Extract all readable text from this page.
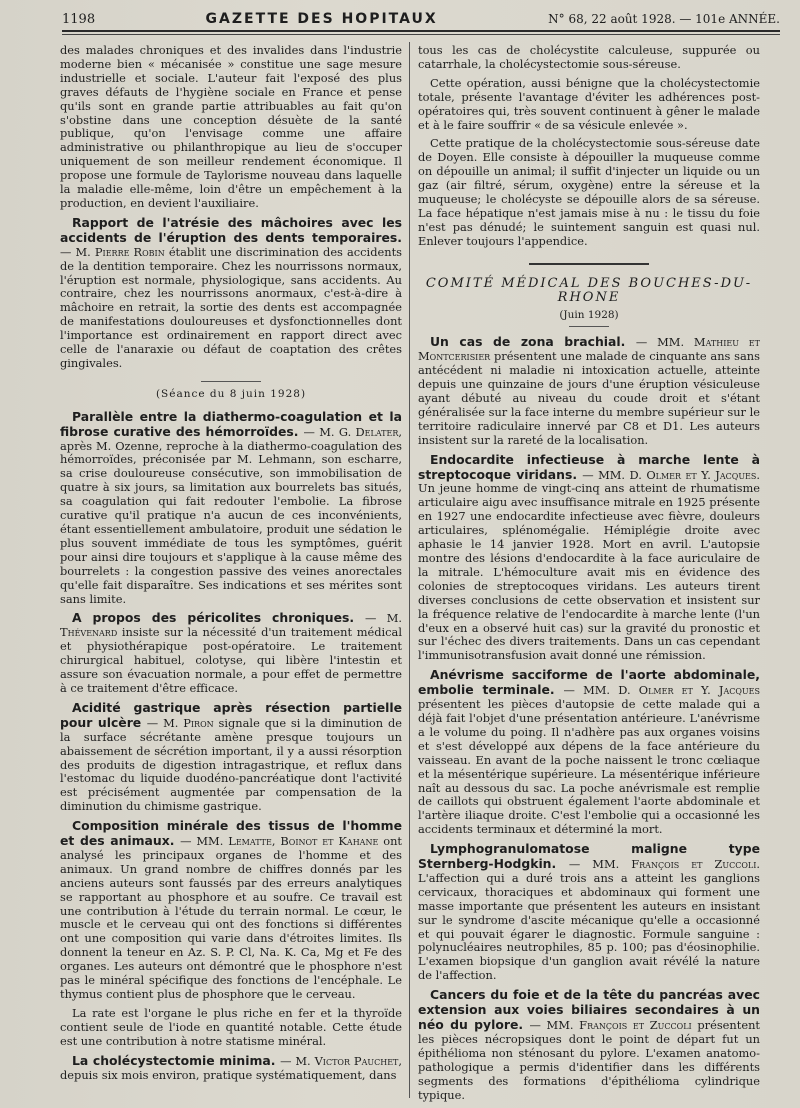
1198	GAZETTE DES HOPITAUX	N° 68, 22 août 1928. — 101e ANNÉE.

des malades chroniques et des invalides dans l'industrie moderne bien « mécanisée » constitue une sage mesure industrielle et sociale. L'auteur fait l'exposé des plus graves défauts de l'hygiène sociale en France et pense qu'ils sont en grande partie attribuables au fait qu'on s'obstine dans une conception désuète de la santé publique, qu'on l'envisage comme une affaire administrative ou philanthropique au lieu de s'occuper uniquement de son meilleur rendement économique. Il propose une formule de Taylorisme nouveau dans laquelle la maladie elle-même, loin d'être un empêchement à la production, en devient l'auxiliaire.

Rapport de l'atrésie des mâchoires avec les accidents de l'éruption des dents temporaires. — M. Pierre Robin établit une discrimination des accidents de la dentition temporaire. Chez les nourrissons normaux, l'éruption est normale, physiologique, sans accidents. Au contraire, chez les nourrissons anormaux, c'est-à-dire à mâchoire en retrait, la sortie des dents est accompagnée de manifestations douloureuses et dysfonctionnelles dont l'importance est ordinairement en rapport direct avec celle de l'anaraxie ou défaut de coaptation des crêtes gingivales.

(Séance du 8 juin 1928)

Parallèle entre la diathermo-coagulation et la fibrose curative des hémorroïdes. — M. G. Delater, après M. Ozenne, reproche à la diathermo-coagulation des hémorroïdes, préconisée par M. Lehmann, son escharre, sa crise douloureuse consécutive, son immobilisation de quatre à six jours, sa limitation aux bourrelets bas situés, sa coagulation qui fait redouter l'embolie. La fibrose curative qu'il pratique n'a aucun de ces inconvénients, étant essentiellement ambulatoire, produit une sédation le plus souvent immédiate de tous les symptômes, guérit pour ainsi dire toujours et s'applique à la cause même des bourrelets : la congestion passive des veines anorectales qu'elle fait disparaître. Ses indications et ses mérites sont sans limite.

A propos des péricolites chroniques. — M. Thévenard insiste sur la nécessité d'un traitement médical et physiothérapique post-opératoire. Le traitement chirurgical habituel, colotyse, qui libère l'intestin et assure son évacuation normale, a pour effet de permettre à ce traitement d'être efficace.

Acidité gastrique après résection partielle pour ulcère — M. Piron signale que si la diminution de la surface sécrétante amène presque toujours un abaissement de sécrétion important, il y a aussi résorption des produits de digestion intragastrique, et reflux dans l'estomac du liquide duodéno-pancréatique dont l'activité est précisément augmentée par compensation de la diminution du chimisme gastrique.

Composition minérale des tissus de l'homme et des animaux. — MM. Lematte, Boinot et Kahane ont analysé les principaux organes de l'homme et des animaux. Un grand nombre de chiffres donnés par les anciens auteurs sont faussés par des erreurs analytiques se rapportant au phosphore et au soufre. Ce travail est une contribution à l'étude du terrain normal. Le cœur, le muscle et le cerveau qui ont des fonctions si différentes ont une composition qui varie dans d'étroites limites. Ils donnent la teneur en Az. S. P. Cl, Na. K. Ca, Mg et Fe des organes. Les auteurs ont démontré que le phosphore n'est pas le minéral spécifique des fonctions de l'encéphale. Le thymus contient plus de phosphore que le cerveau.

La rate est l'organe le plus riche en fer et la thyroïde contient seule de l'iode en quantité notable. Cette étude est une contribution à notre statisme minéral.

La cholécystectomie minima. — M. Victor Pauchet, depuis six mois environ, pratique systématiquement, dans

tous les cas de cholécystite calculeuse, suppurée ou catarrhale, la cholécystectomie sous-séreuse.

Cette opération, aussi bénigne que la cholécystectomie totale, présente l'avantage d'éviter les adhérences post-opératoires qui, très souvent continuent à gêner le malade et à le faire souffrir « de sa vésicule enlevée ».

Cette pratique de la cholécystectomie sous-séreuse date de Doyen. Elle consiste à dépouiller la muqueuse comme on dépouille un animal; il suffit d'injecter un liquide ou un gaz (air filtré, sérum, oxygène) entre la séreuse et la muqueuse; le cholécyste se dépouille alors de sa séreuse. La face hépatique n'est jamais mise à nu : le tissu du foie n'est pas dénudé; le suintement sanguin est quasi nul. Enlever toujours l'appendice.

COMITÉ MÉDICAL DES BOUCHES-DU-RHONE
(Juin 1928)

Un cas de zona brachial. — MM. Mathieu et Montcerisier présentent une malade de cinquante ans sans antécédent ni maladie ni intoxication actuelle, atteinte depuis une quinzaine de jours d'une éruption vésiculeuse ayant débuté au niveau du coude droit et s'étant généralisée sur la face interne du membre supérieur sur le territoire radiculaire innervé par C8 et D1. Les auteurs insistent sur la rareté de la localisation.

Endocardite infectieuse à marche lente à streptocoque viridans. — MM. D. Olmer et Y. Jacques. Un jeune homme de vingt-cinq ans atteint de rhumatisme articulaire aigu avec insuffisance mitrale en 1925 présente en 1927 une endocardite infectieuse avec fièvre, douleurs articulaires, splénomégalie. Hémiplégie droite avec aphasie le 14 janvier 1928. Mort en avril. L'autopsie montre des lésions d'endocardite à la face auriculaire de la mitrale. L'hémoculture avait mis en évidence des colonies de streptocoques viridans. Les auteurs tirent diverses conclusions de cette observation et insistent sur la fréquence relative de l'endocardite à marche lente (l'un d'eux en a observé huit cas) sur la gravité du pronostic et sur l'échec des divers traitements. Dans un cas cependant l'immunisotransfusion avait donné une rémission.

Anévrisme sacciforme de l'aorte abdominale, embolie terminale. — MM. D. Olmer et Y. Jacques présentent les pièces d'autopsie de cette malade qui a déjà fait l'objet d'une présentation antérieure. L'anévrisme a le volume du poing. Il n'adhère pas aux organes voisins et s'est développé aux dépens de la face antérieure du vaisseau. En avant de la poche naissent le tronc cœliaque et la mésentérique supérieure. La mésentérique inférieure naît au dessous du sac. La poche anévrismale est remplie de caillots qui obstruent également l'aorte abdominale et l'artère iliaque droite. C'est l'embolie qui a occasionné les accidents terminaux et déterminé la mort.

Lymphogranulomatose maligne type Sternberg-Hodgkin. — MM. François et Zuccoli. L'affection qui a duré trois ans a atteint les ganglions cervicaux, thoraciques et abdominaux qui forment une masse importante que présentent les auteurs en insistant sur le syndrome d'ascite mécanique qu'elle a occasionné et qui pouvait égarer le diagnostic. Formule sanguine : polynucléaires neutrophiles, 85 p. 100; pas d'éosinophilie. L'examen biopsique d'un ganglion avait révélé la nature de l'affection.

Cancers du foie et de la tête du pancréas avec extension aux voies biliaires secondaires à un néo du pylore. — MM. François et Zuccoli présentent les pièces nécropsiques dont le point de départ fut un épithélioma non sténosant du pylore. L'examen anatomo-pathologique a permis d'identifier dans les différents segments des formations d'épithélioma cylindrique typique.
